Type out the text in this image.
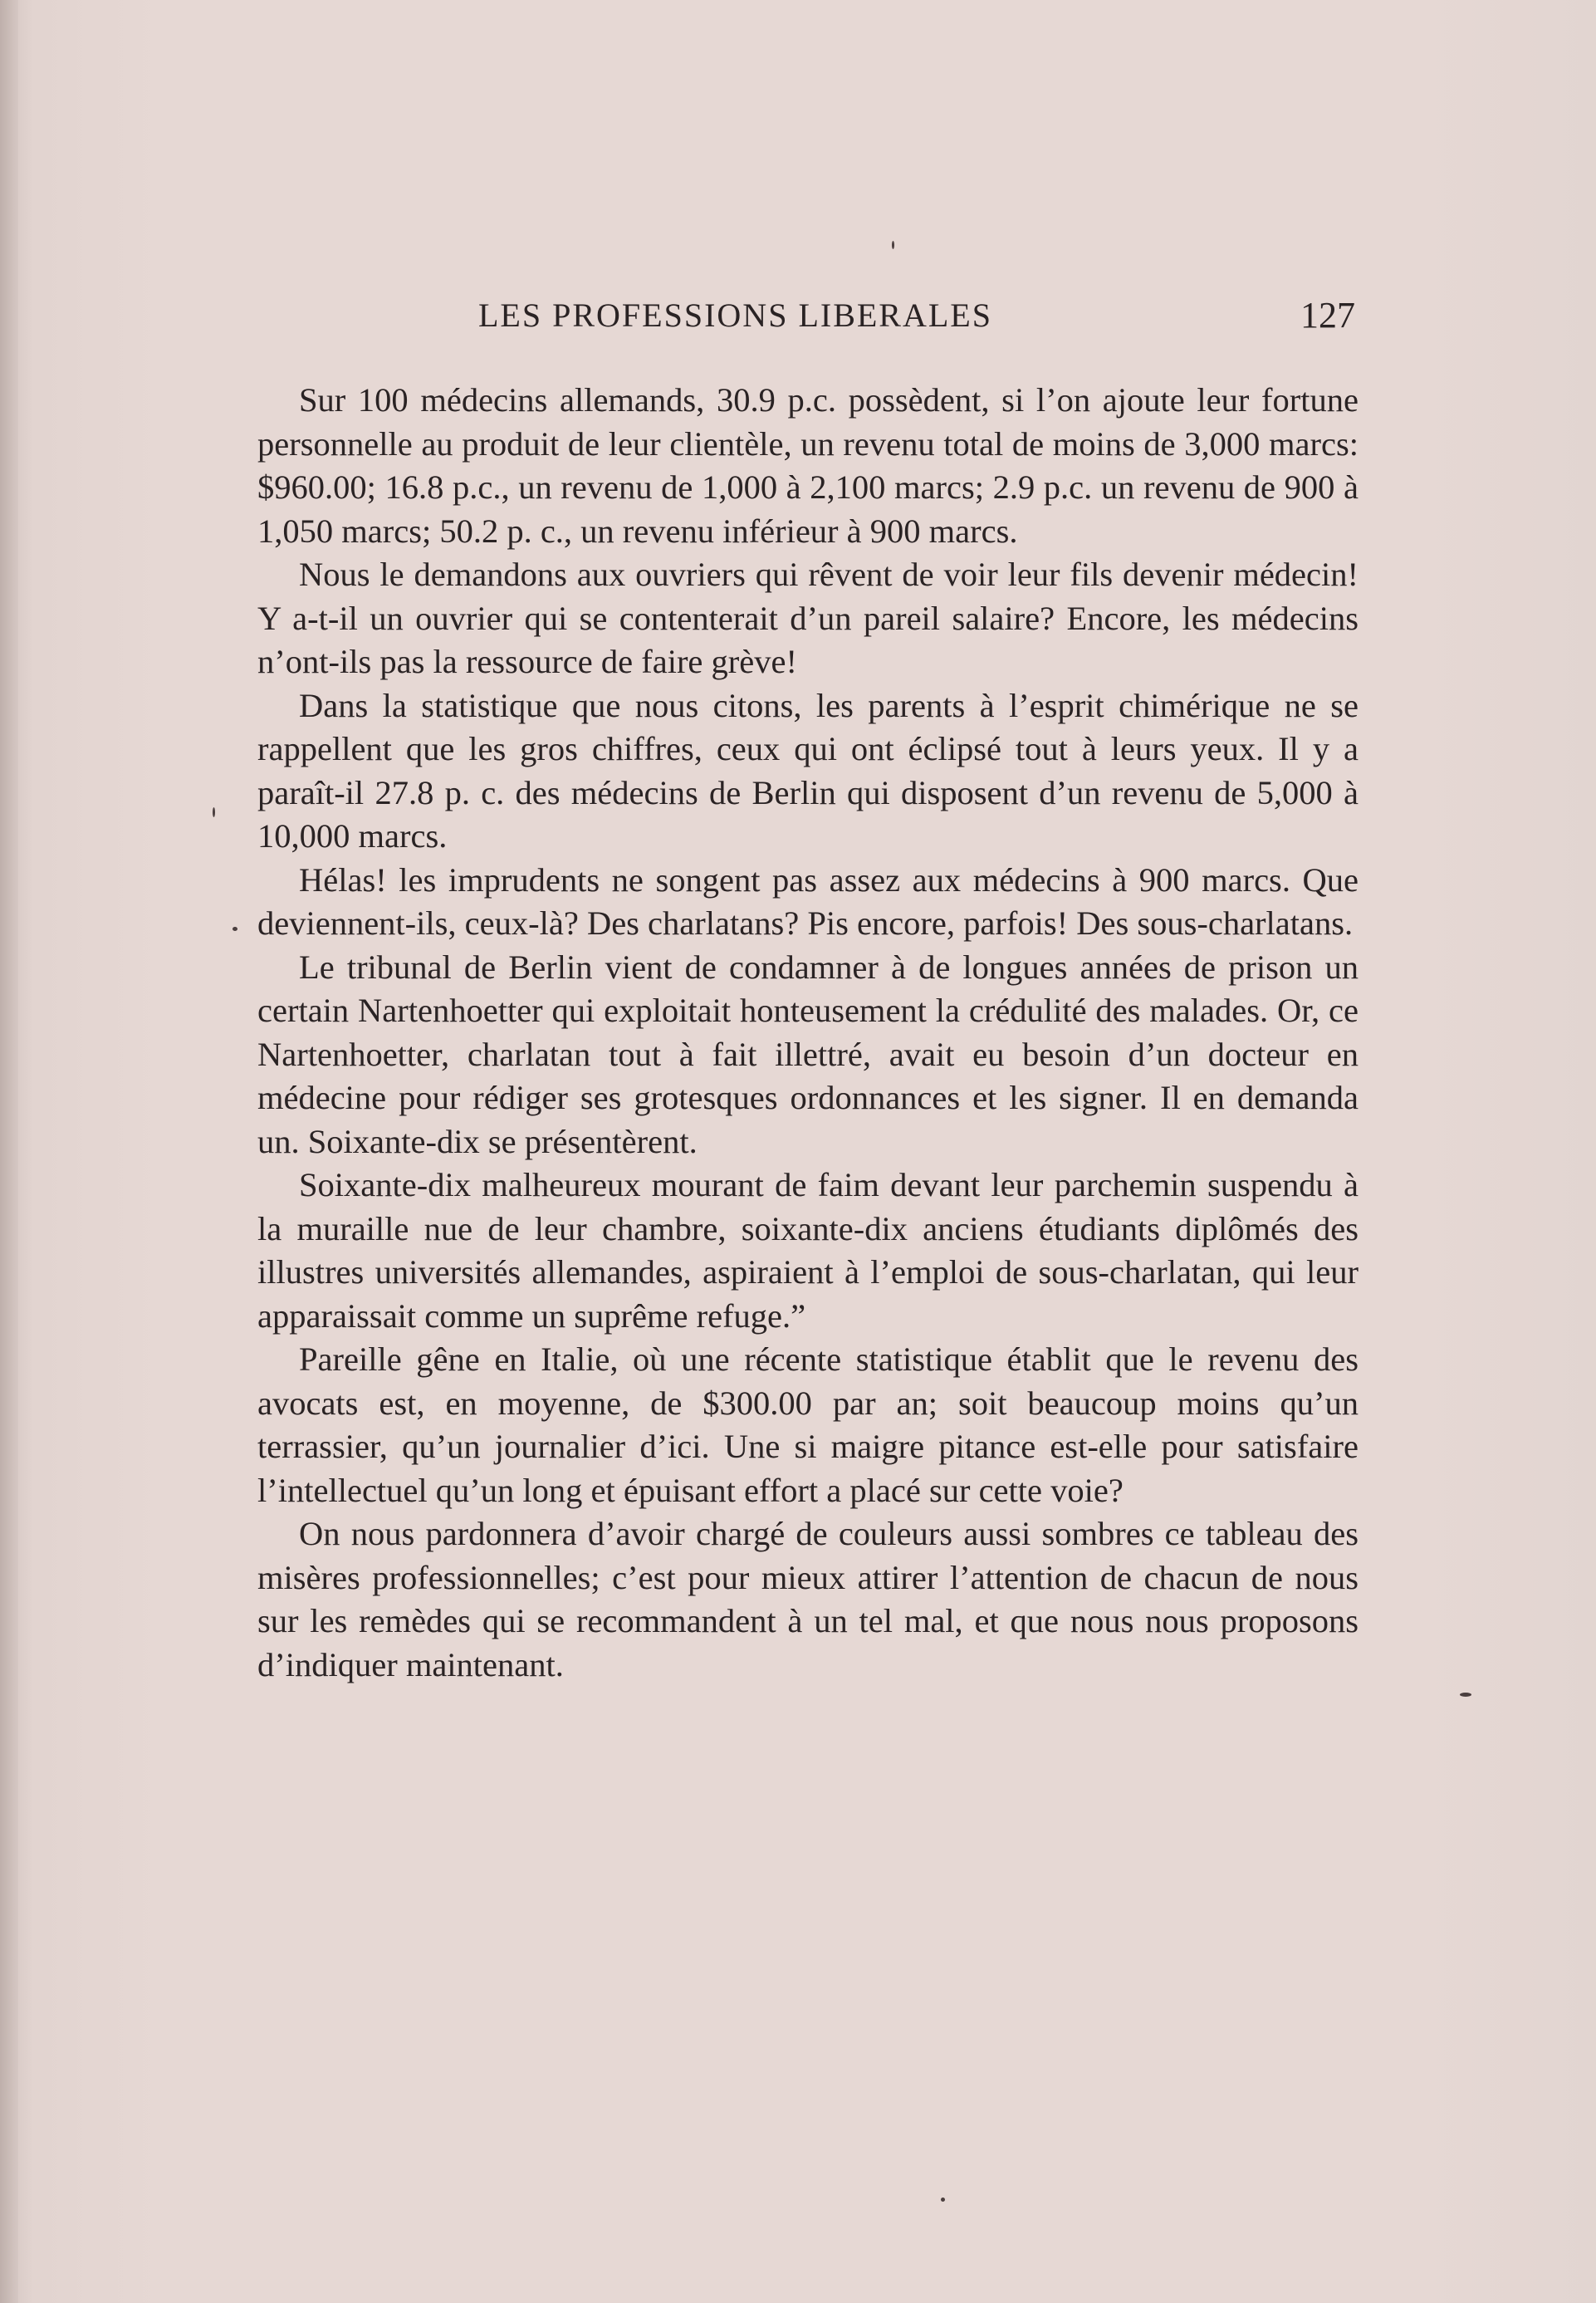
LES PROFESSIONS LIBERALES	127

Sur 100 médecins allemands, 30.9 p.c. possèdent, si l’on ajoute leur fortune personnelle au produit de leur clientèle, un revenu total de moins de 3,000 marcs: $960.00; 16.8 p.c., un revenu de 1,000 à 2,100 marcs; 2.9 p.c. un revenu de 900 à 1,050 marcs; 50.2 p. c., un revenu inférieur à 900 marcs.

Nous le demandons aux ouvriers qui rêvent de voir leur fils devenir médecin! Y a-t-il un ouvrier qui se contenterait d’un pareil salaire? Encore, les médecins n’ont-ils pas la ressource de faire grève!

Dans la statistique que nous citons, les parents à l’esprit chimérique ne se rappellent que les gros chiffres, ceux qui ont éclipsé tout à leurs yeux. Il y a paraît-il 27.8 p. c. des médecins de Berlin qui disposent d’un revenu de 5,000 à 10,000 marcs.

Hélas! les imprudents ne songent pas assez aux médecins à 900 marcs. Que deviennent-ils, ceux-là? Des charlatans? Pis encore, parfois! Des sous-charlatans.

Le tribunal de Berlin vient de condamner à de longues années de prison un certain Nartenhoetter qui exploitait honteusement la crédulité des malades. Or, ce Nartenhoetter, charlatan tout à fait illettré, avait eu besoin d’un docteur en médecine pour rédiger ses grotesques ordonnances et les signer. Il en demanda un. Soixante-dix se présentèrent.

Soixante-dix malheureux mourant de faim devant leur parchemin suspendu à la muraille nue de leur chambre, soixante-dix anciens étudiants diplômés des illustres universités allemandes, aspiraient à l’emploi de sous-charlatan, qui leur apparaissait comme un suprême refuge.”

Pareille gêne en Italie, où une récente statistique établit que le revenu des avocats est, en moyenne, de $300.00 par an; soit beaucoup moins qu’un terrassier, qu’un journalier d’ici. Une si maigre pitance est-elle pour satisfaire l’intellectuel qu’un long et épuisant effort a placé sur cette voie?

On nous pardonnera d’avoir chargé de couleurs aussi sombres ce tableau des misères professionnelles; c’est pour mieux attirer l’attention de chacun de nous sur les remèdes qui se recommandent à un tel mal, et que nous nous proposons d’indiquer maintenant.
